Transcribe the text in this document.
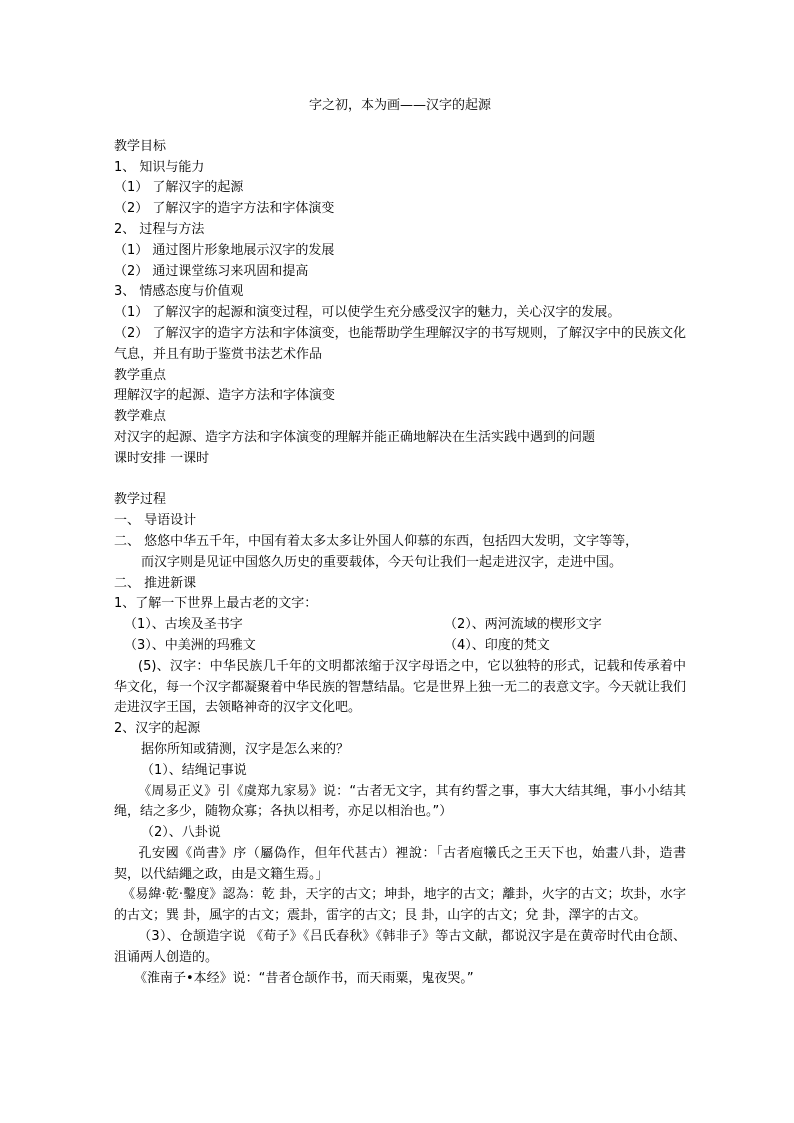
字之初，本为画——汉字的起源
教学目标
1、 知识与能力
（1） 了解汉字的起源
（2） 了解汉字的造字方法和字体演变
2、 过程与方法
（1） 通过图片形象地展示汉字的发展
（2） 通过课堂练习来巩固和提高
3、 情感态度与价值观
（1） 了解汉字的起源和演变过程，可以使学生充分感受汉字的魅力，关心汉字的发展。
（2） 了解汉字的造字方法和字体演变，也能帮助学生理解汉字的书写规则，了解汉字中的民族文化气息，并且有助于鉴赏书法艺术作品
教学重点
理解汉字的起源、造字方法和字体演变
教学难点
对汉字的起源、造字方法和字体演变的理解并能正确地解决在生活实践中遇到的问题
课时安排 一课时
教学过程
一、 导语设计
二、 悠悠中华五千年，中国有着太多太多让外国人仰慕的东西，包括四大发明，文字等等，
而汉字则是见证中国悠久历史的重要载体，今天句让我们一起走进汉字，走进中国。
二、 推进新课
1、了解一下世界上最古老的文字：
（1）、古埃及圣书字	（2）、两河流域的楔形文字
（3）、中美洲的玛雅文	（4）、印度的梵文
(5)、汉字：中华民族几千年的文明都浓缩于汉字母语之中，它以独特的形式，记载和传承着中华文化，每一个汉字都凝聚着中华民族的智慧结晶。它是世界上独一无二的表意文字。今天就让我们走进汉字王国，去领略神奇的汉字文化吧。
2、汉字的起源
据你所知或猜测，汉字是怎么来的？
（1）、结绳记事说
《周易正义》引《虞郑九家易》说：“古者无文字，其有约誓之事，事大大结其绳，事小小结其绳，结之多少，随物众寡；各执以相考，亦足以相治也。”）
（2）、八卦说
孔安國《尚書》序（屬偽作，但年代甚古）裡說：「古者庖犧氏之王天下也，始畫八卦，造書契，以代結繩之政，由是文籍生焉。」
《易緯·乾·鑿度》認為：乾 卦，天字的古文；坤卦，地字的古文；離卦，火字的古文；坎卦，水字的古文；巽 卦，風字的古文；震卦，雷字的古文；艮 卦，山字的古文；兌 卦，澤字的古文。
（3）、仓颉造字说 《荀子》《吕氏春秋》《韩非子》等古文献，都说汉字是在黄帝时代由仓颉、沮诵两人创造的。
《淮南子•本经》说：“昔者仓颉作书，而天雨粟，鬼夜哭。”
